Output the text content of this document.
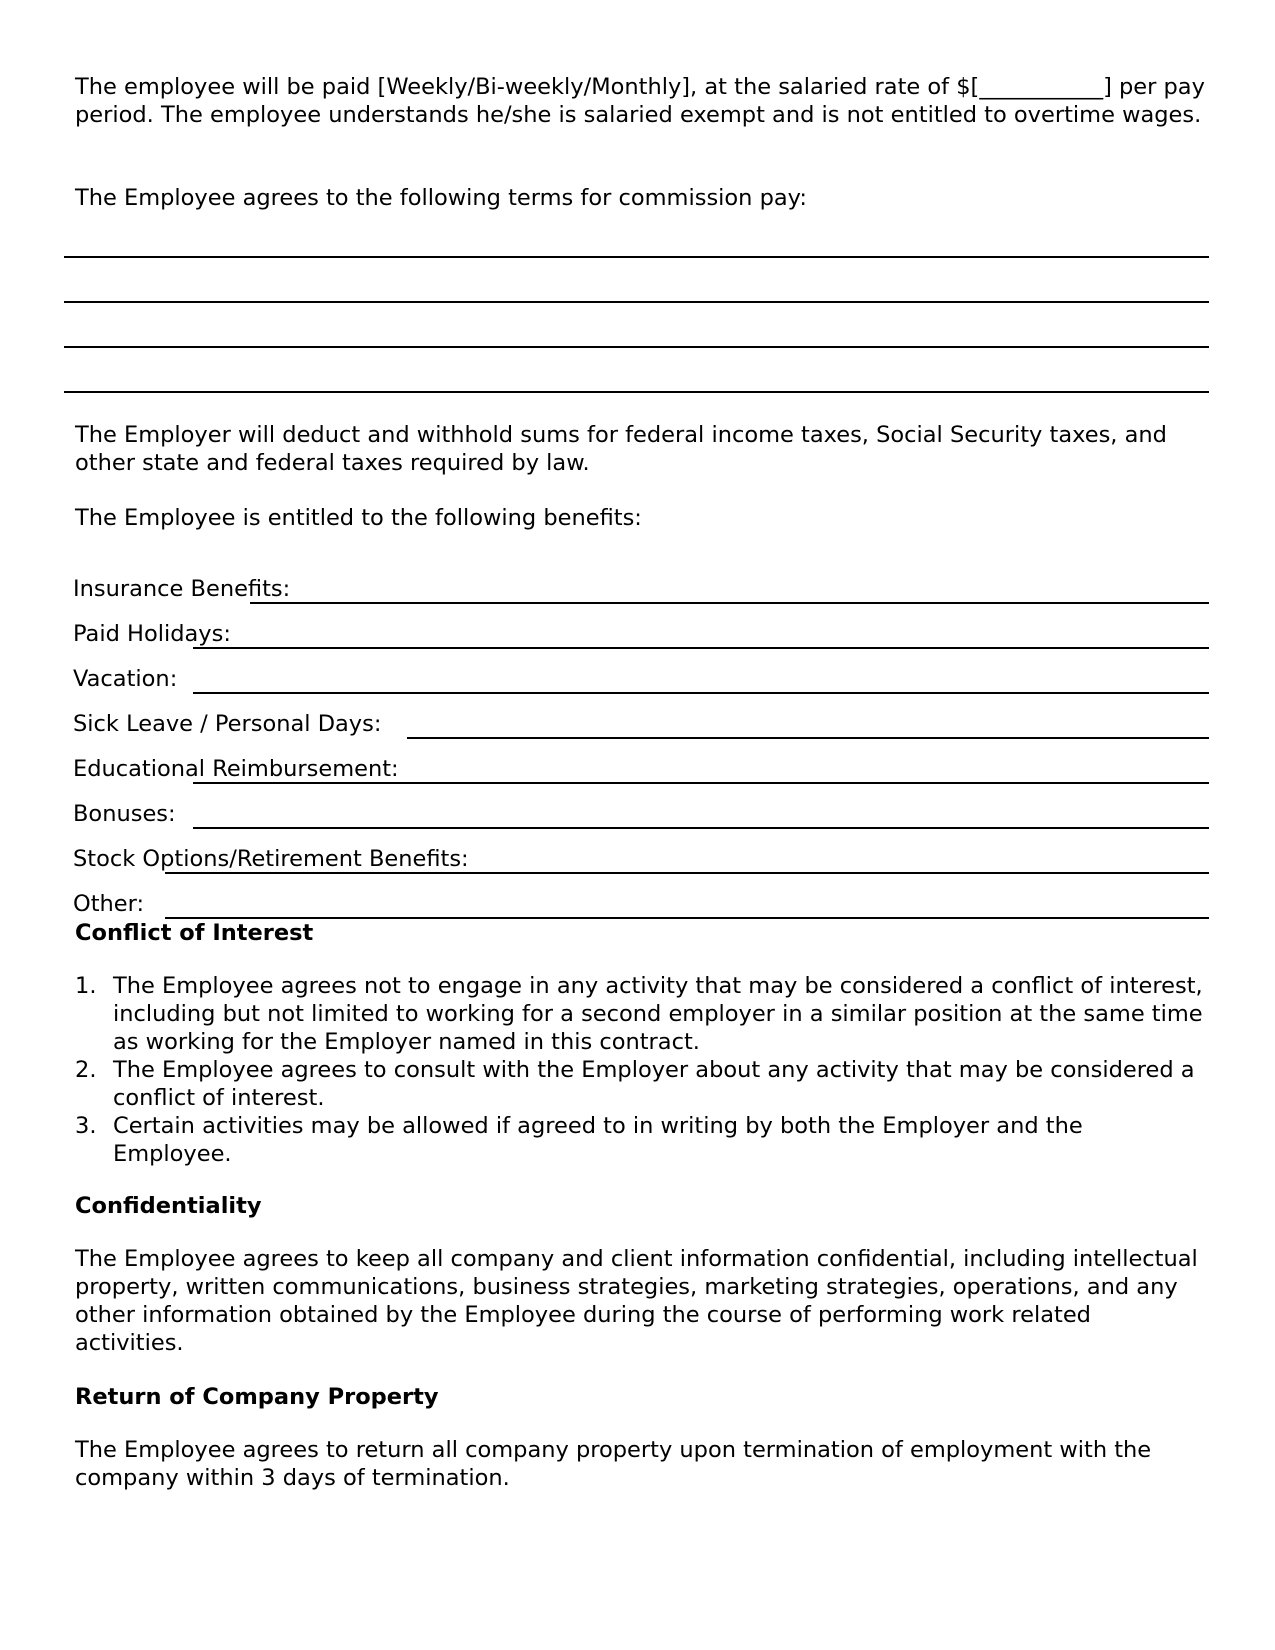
The employee will be paid [Weekly/Bi-weekly/Monthly], at the salaried rate of $[___________] per pay period. The employee understands he/she is salaried exempt and is not entitled to overtime wages.

The Employee agrees to the following terms for commission pay:

The Employer will deduct and withhold sums for federal income taxes, Social Security taxes, and other state and federal taxes required by law.

The Employee is entitled to the following benefits:

Insurance Benefits:
Paid Holidays:
Vacation:
Sick Leave / Personal Days:
Educational Reimbursement:
Bonuses:
Stock Options/Retirement Benefits:
Other:
Conflict of Interest
1. The Employee agrees not to engage in any activity that may be considered a conflict of interest, including but not limited to working for a second employer in a similar position at the same time as working for the Employer named in this contract.
2. The Employee agrees to consult with the Employer about any activity that may be considered a conflict of interest.
3. Certain activities may be allowed if agreed to in writing by both the Employer and the Employee.
Confidentiality

The Employee agrees to keep all company and client information confidential, including intellectual property, written communications, business strategies, marketing strategies, operations, and any other information obtained by the Employee during the course of performing work related activities.

Return of Company Property

The Employee agrees to return all company property upon termination of employment with the company within 3 days of termination.
